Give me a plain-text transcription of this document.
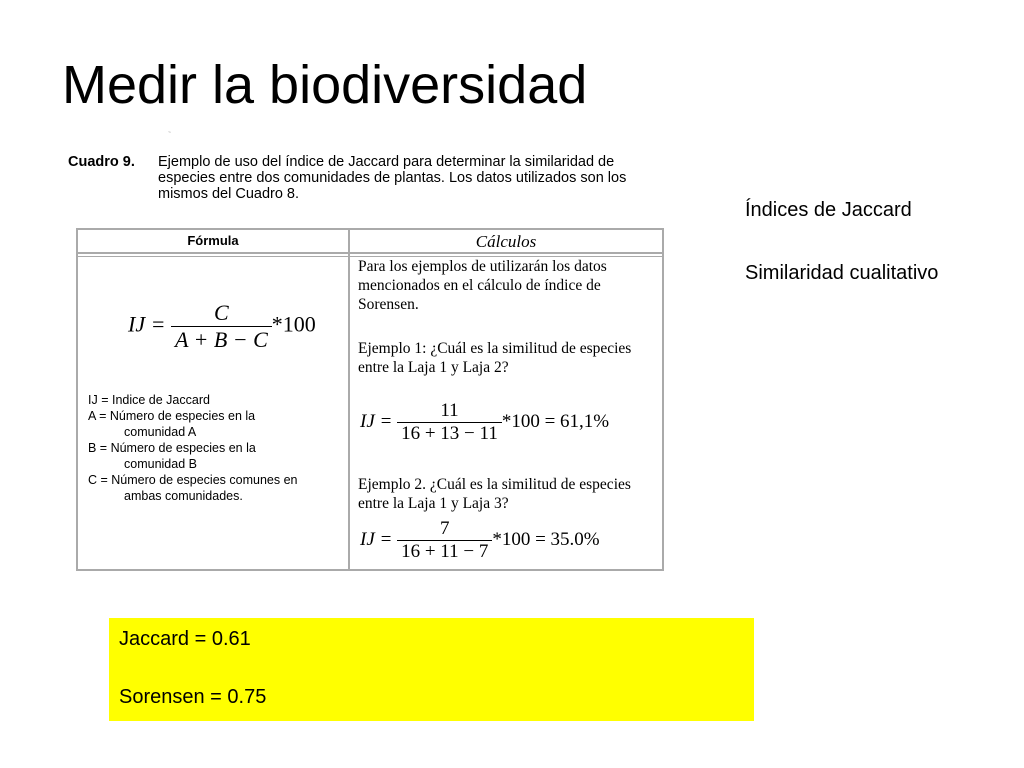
Medir la biodiversidad
~
Cuadro 9. Ejemplo de uso del índice de Jaccard para determinar la similaridad de especies entre dos comunidades de plantas. Los datos utilizados son los mismos del Cuadro 8.
Fórmula	Cálculos
IJ = $\frac{C}{A + B - C} *100$
IJ = Indice de Jaccard
A = Número de especies en la
comunidad A
B = Número de especies en la
comunidad B
C = Número de especies comunes en
ambas comunidades.
Para los ejemplos de utilizarán los datos mencionados en el cálculo de índice de Sorensen.
Ejemplo 1: ¿Cuál es la similitud de especies entre la Laja 1 y Laja 2?
IJ = $\frac{11}{16 + 13 - 11} *100 = 61,1\%$
Ejemplo 2. ¿Cuál es la similitud de especies entre la Laja 1 y Laja 3?
IJ = $\frac{7}{16 + 11 - 7} *100 = 35.0\%$
Índices de Jaccard
Similaridad cualitativo
Jaccard = 0.61
Sorensen = 0.75
